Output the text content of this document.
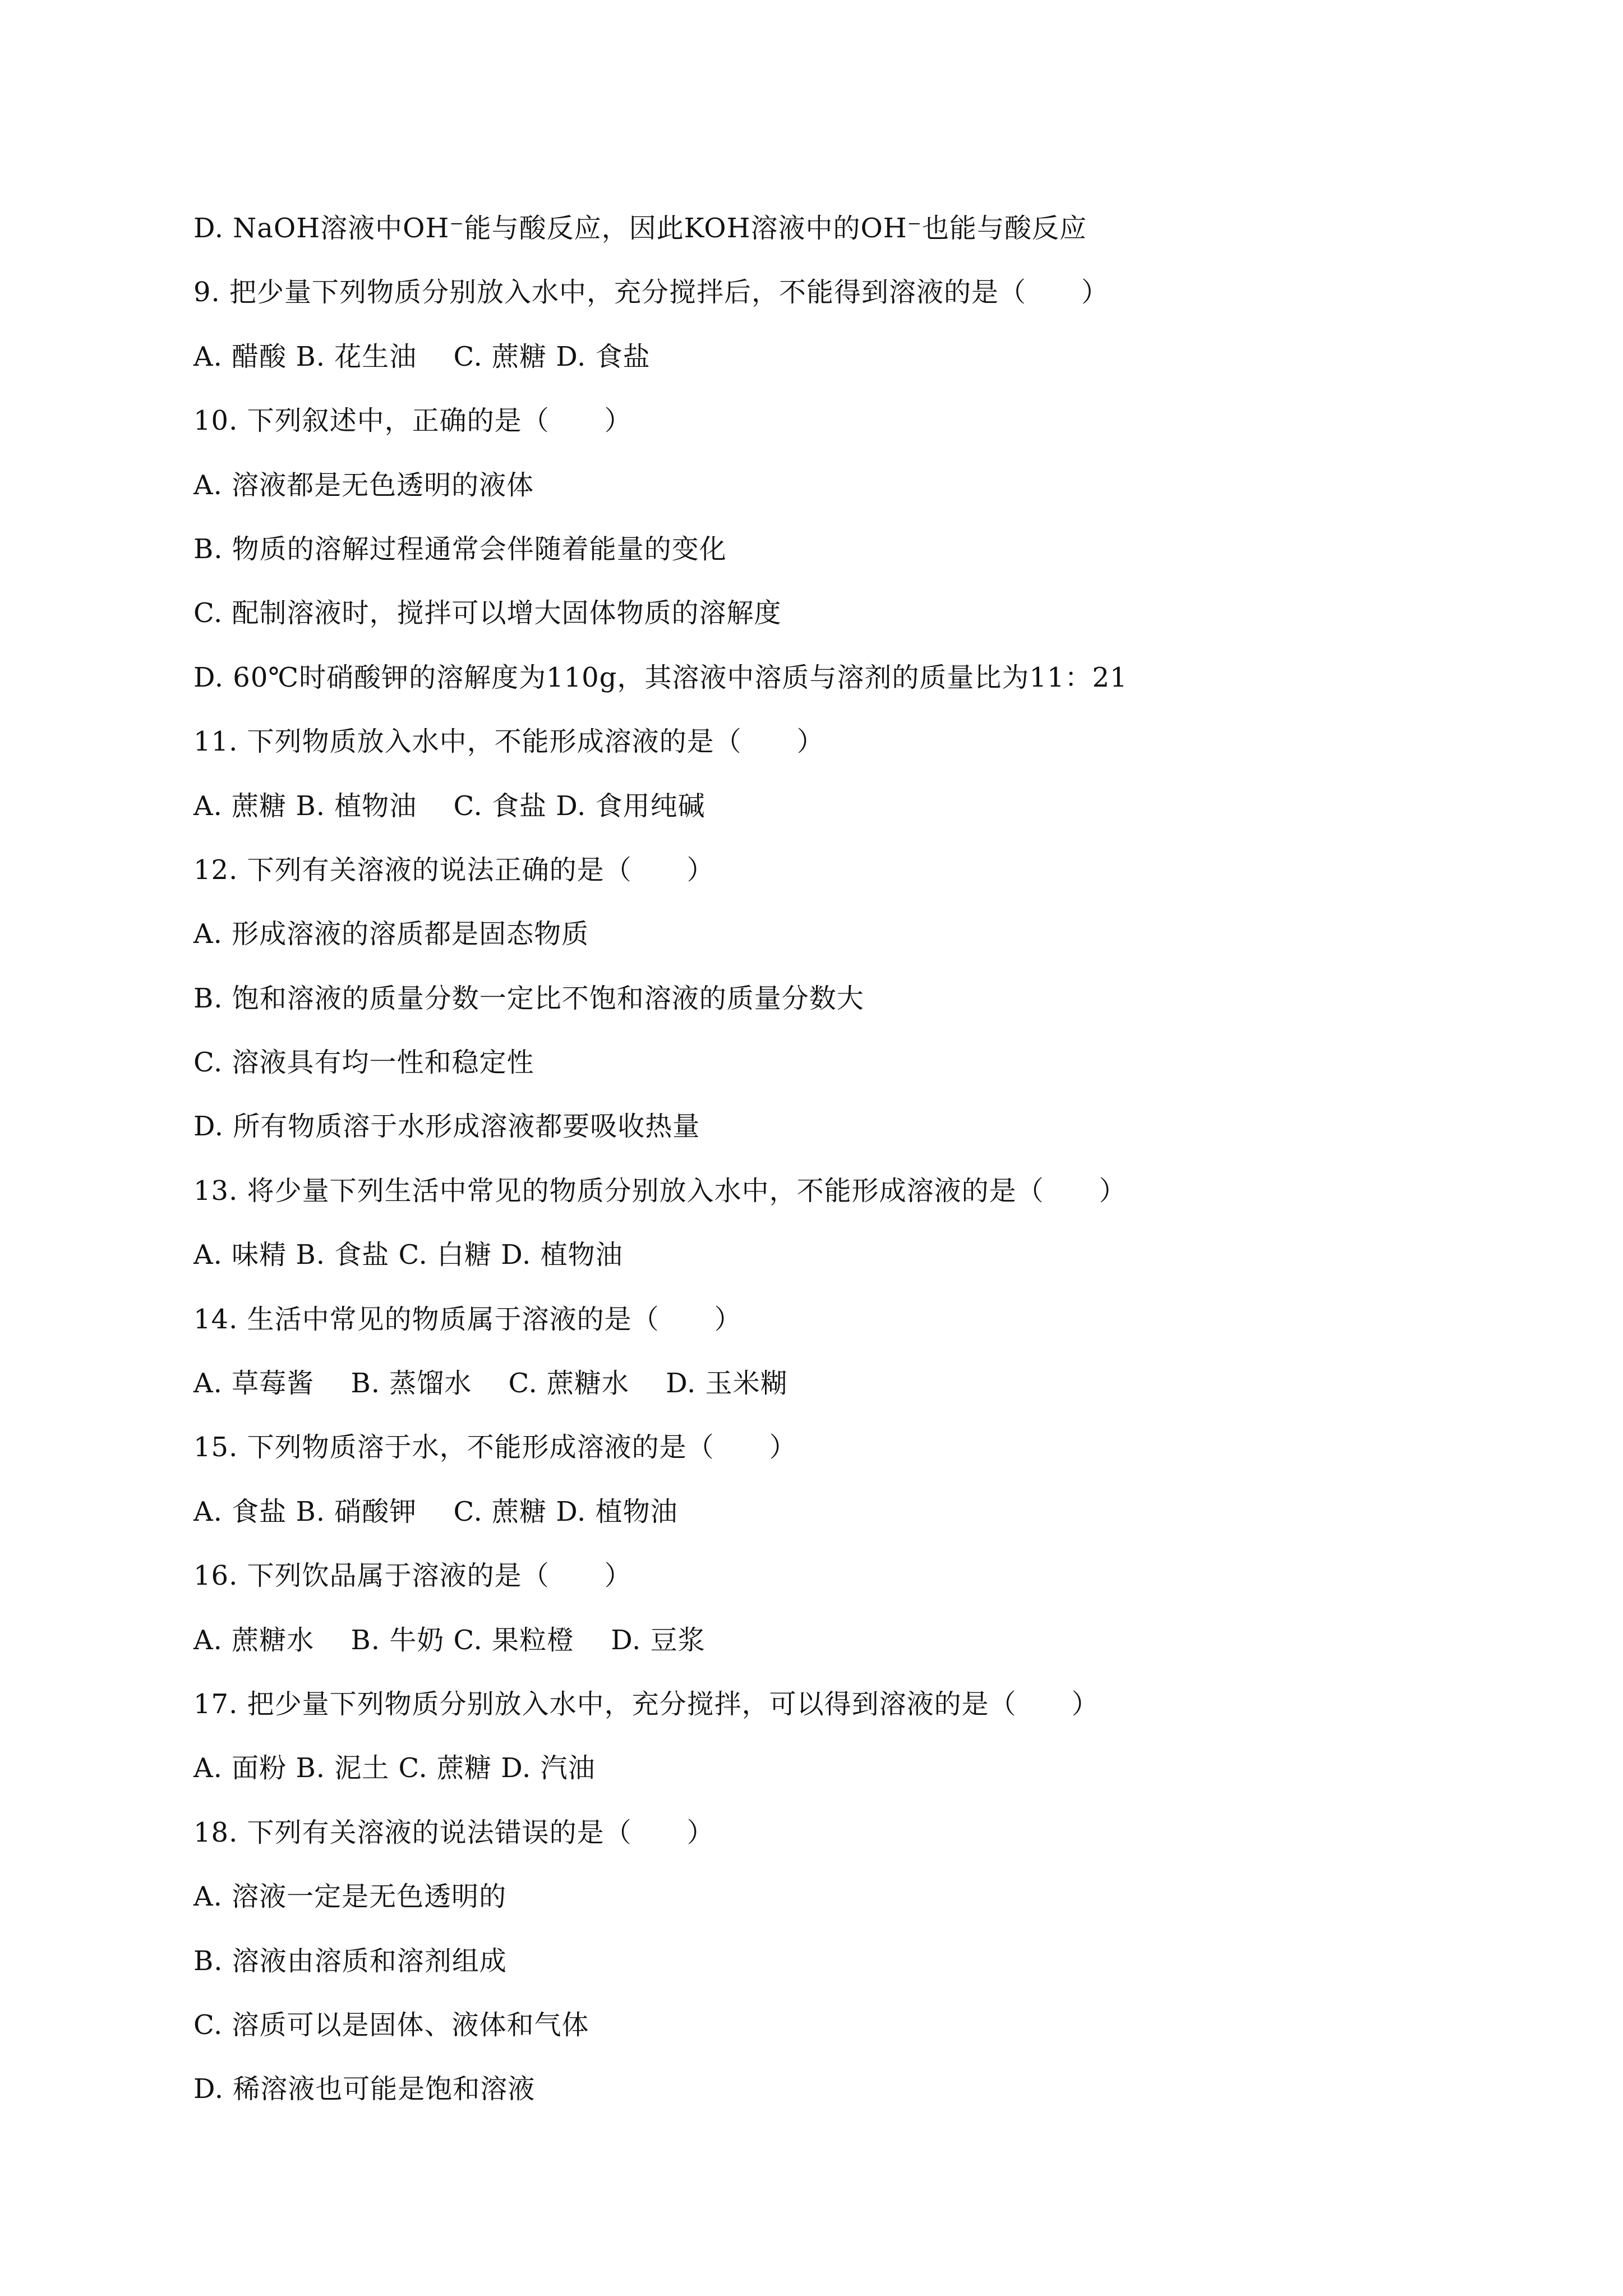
D. NaOH溶液中OH⁻能与酸反应，因此KOH溶液中的OH⁻也能与酸反应
9. 把少量下列物质分别放入水中，充分搅拌后，不能得到溶液的是（　　）
A. 醋酸 B. 花生油　 C. 蔗糖 D. 食盐
10. 下列叙述中，正确的是（　　）
A. 溶液都是无色透明的液体
B. 物质的溶解过程通常会伴随着能量的变化
C. 配制溶液时，搅拌可以增大固体物质的溶解度
D. 60℃时硝酸钾的溶解度为110g，其溶液中溶质与溶剂的质量比为11：21
11. 下列物质放入水中，不能形成溶液的是（　　）
A. 蔗糖 B. 植物油　 C. 食盐 D. 食用纯碱
12. 下列有关溶液的说法正确的是（　　）
A. 形成溶液的溶质都是固态物质
B. 饱和溶液的质量分数一定比不饱和溶液的质量分数大
C. 溶液具有均一性和稳定性
D. 所有物质溶于水形成溶液都要吸收热量
13. 将少量下列生活中常见的物质分别放入水中，不能形成溶液的是（　　）
A. 味精 B. 食盐 C. 白糖 D. 植物油
14. 生活中常见的物质属于溶液的是（　　）
A. 草莓酱　 B. 蒸馏水　 C. 蔗糖水　 D. 玉米糊
15. 下列物质溶于水，不能形成溶液的是（　　）
A. 食盐 B. 硝酸钾　 C. 蔗糖 D. 植物油
16. 下列饮品属于溶液的是（　　）
A. 蔗糖水　 B. 牛奶 C. 果粒橙　 D. 豆浆
17. 把少量下列物质分别放入水中，充分搅拌，可以得到溶液的是（　　）
A. 面粉 B. 泥土 C. 蔗糖 D. 汽油
18. 下列有关溶液的说法错误的是（　　）
A. 溶液一定是无色透明的
B. 溶液由溶质和溶剂组成
C. 溶质可以是固体、液体和气体
D. 稀溶液也可能是饱和溶液
